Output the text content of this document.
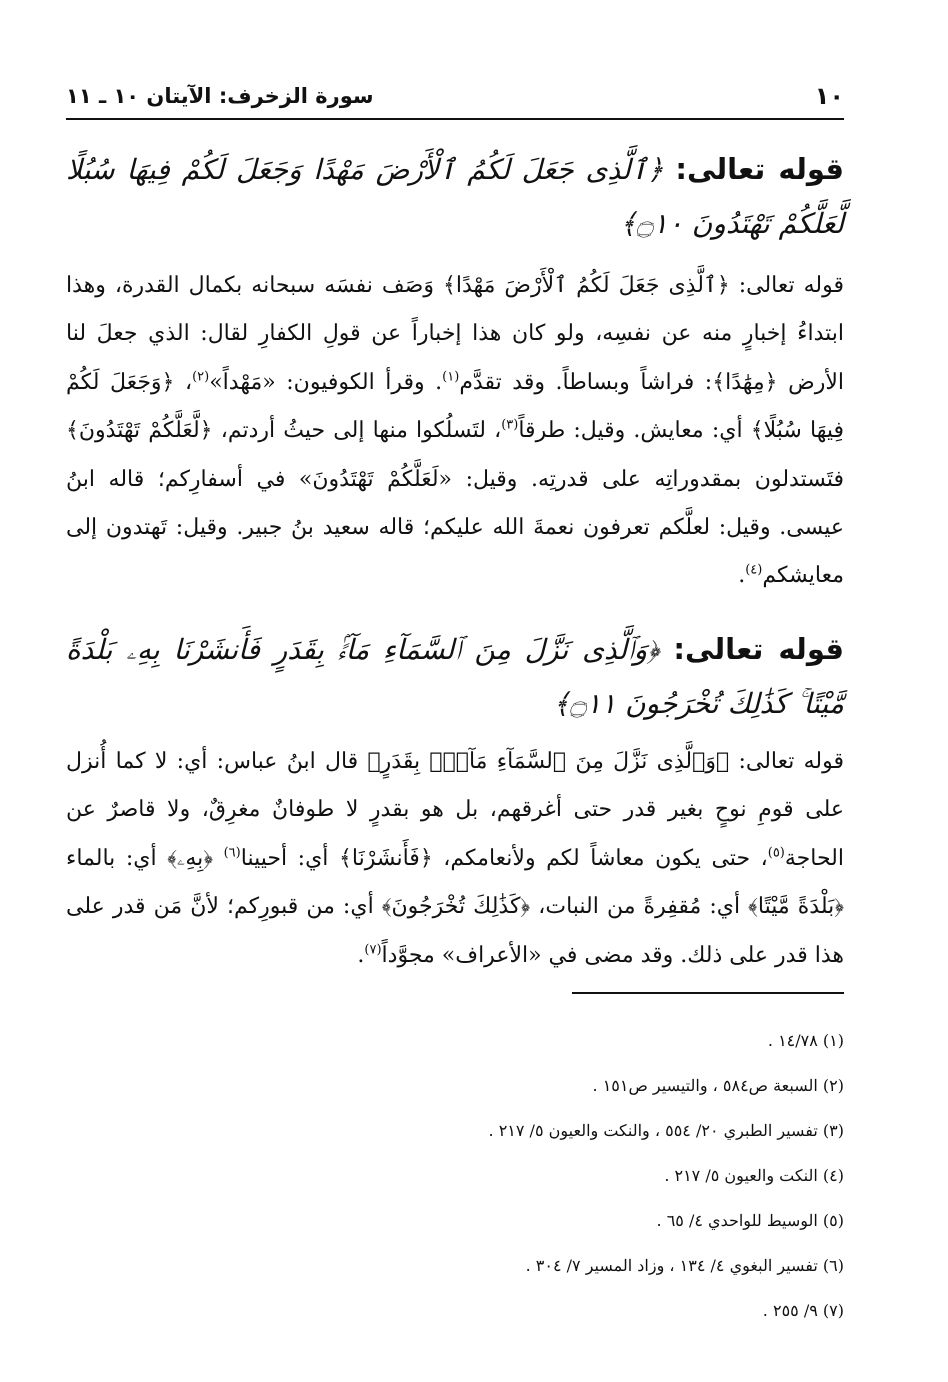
١٠
سورة الزخرف: الآيتان ١٠ ـ ١١
قوله تعالى: ﴿ٱلَّذِى جَعَلَ لَكُمُ ٱلْأَرْضَ مَهْدًا وَجَعَلَ لَكُمْ فِيهَا سُبُلًا لَّعَلَّكُمْ تَهْتَدُونَ ۝١٠﴾
قوله تعالى: ﴿ٱلَّذِى جَعَلَ لَكُمُ ٱلْأَرْضَ مَهْدًا﴾ وَصَف نفسَه سبحانه بكمال القدرة، وهذا ابتداءُ إخبارٍ منه عن نفسِه، ولو كان هذا إخباراً عن قولِ الكفارِ لقال: الذي جعلَ لنا الأرض ﴿مِهَٰدًا﴾: فراشاً وبساطاً. وقد تقدَّم$^{(١)}$. وقرأ الكوفيون: «مَهْداً»$^{(٢)}$، ﴿وَجَعَلَ لَكُمْ فِيهَا سُبُلًا﴾ أي: معايش. وقيل: طرقاً$^{(٣)}$، لتَسلُكوا منها إلى حيثُ أردتم، ﴿لَّعَلَّكُمْ تَهْتَدُونَ﴾ فتَستدلون بمقدوراتِه على قدرتِه. وقيل: «لَعَلَّكُمْ تَهْتَدُونَ» في أسفارِكم؛ قاله ابنُ عيسى. وقيل: لعلَّكم تعرفون نعمةَ الله عليكم؛ قاله سعيد بنُ جبير. وقيل: تَهتدون إلى معايشكم$^{(٤)}$.
قوله تعالى: ﴿وَٱلَّذِى نَزَّلَ مِنَ ٱلسَّمَآءِ مَآءًۢ بِقَدَرٍ فَأَنشَرْنَا بِهِۦ بَلْدَةً مَّيْتًا ۚ كَذَٰلِكَ تُخْرَجُونَ ۝١١﴾
قوله تعالى: ﴿وَٱلَّذِى نَزَّلَ مِنَ ٱلسَّمَآءِ مَآءًۢ بِقَدَرٍ﴾ قال ابنُ عباس: أي: لا كما أُنزل على قومِ نوحٍ بغير قدر حتى أغرقهم، بل هو بقدرٍ لا طوفانٌ مغرِقٌ، ولا قاصرٌ عن الحاجة$^{(٥)}$، حتى يكون معاشاً لكم ولأنعامكم، ﴿فَأَنشَرْنَا﴾ أي: أحيينا$^{(٦)}$ ﴿بِهِۦ﴾ أي: بالماء ﴿بَلْدَةً مَّيْتًا﴾ أي: مُقفِرةً من النبات، ﴿كَذَٰلِكَ تُخْرَجُونَ﴾ أي: من قبورِكم؛ لأنَّ مَن قدر على هذا قدر على ذلك. وقد مضى في «الأعراف» مجوَّداً$^{(٧)}$.
(١) ١٤/٧٨ .
(٢) السبعة ص٥٨٤ ، والتيسير ص١٥١ .
(٣) تفسير الطبري ٢٠/ ٥٥٤ ، والنكت والعيون ٥/ ٢١٧ .
(٤) النكت والعيون ٥/ ٢١٧ .
(٥) الوسيط للواحدي ٤/ ٦٥ .
(٦) تفسير البغوي ٤/ ١٣٤ ، وزاد المسير ٧/ ٣٠٤ .
(٧) ٩/ ٢٥٥ .
